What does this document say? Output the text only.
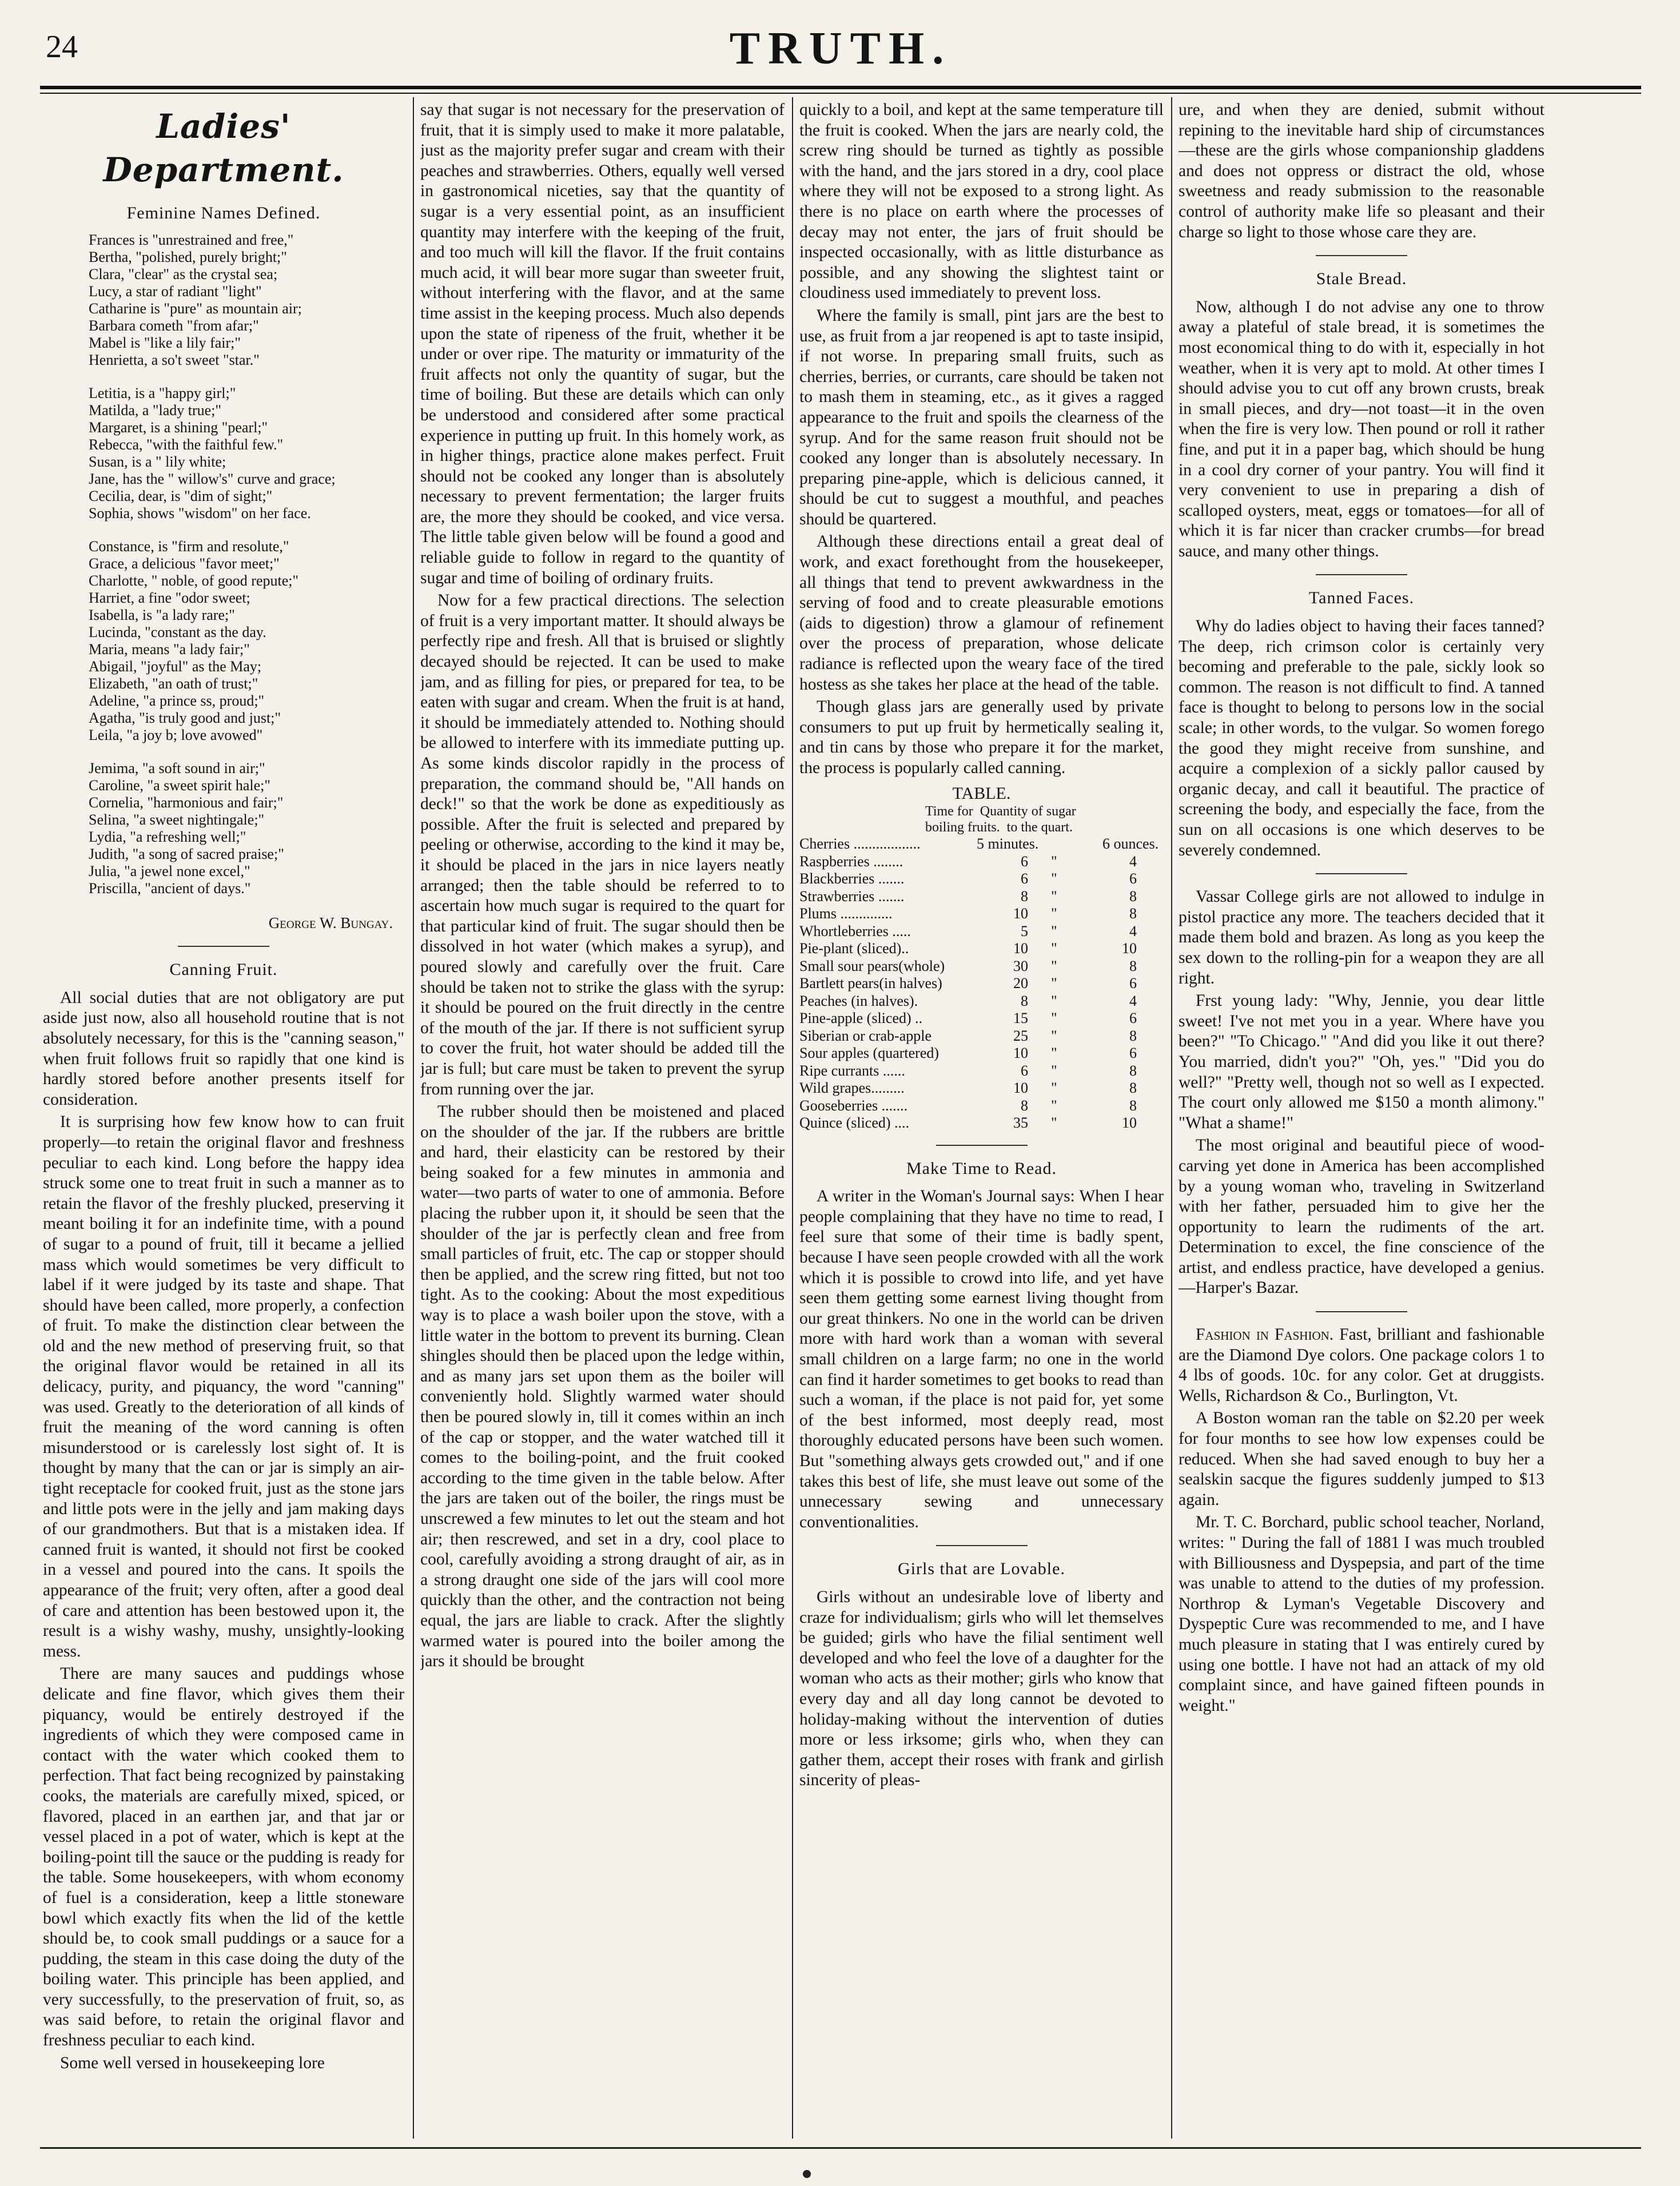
24	TRUTH.
Ladies' Department.
Feminine Names Defined.
Frances is "unrestrained and free,"
Bertha, "polished, purely bright;"
Clara, "clear" as the crystal sea;
Lucy, a star of radiant "light"
Catharine is "pure" as mountain air;
Barbara cometh "from afar;"
Mabel is "like a lily fair;"
Henrietta, a so't sweet "star."
Letitia, is a "happy girl;"
Matilda, a "lady true;"
Margaret, is a shining "pearl;"
Rebecca, "with the faithful few."
Susan, is a " lily white;
Jane, has the " willow's" curve and grace;
Cecilia, dear, is "dim of sight;"
Sophia, shows "wisdom" on her face.
Constance, is "firm and resolute,"
Grace, a delicious "favor meet;"
Charlotte, " noble, of good repute;"
Harriet, a fine "odor sweet;
Isabella, is "a lady rare;"
Lucinda, "constant as the day.
Maria, means "a lady fair;"
Abigail, "joyful" as the May;
Elizabeth, "an oath of trust;"
Adeline, "a prince ss, proud;"
Agatha, "is truly good and just;"
Leila, "a joy b; love avowed"
Jemima, "a soft sound in air;"
Caroline, "a sweet spirit hale;"
Cornelia, "harmonious and fair;"
Selina, "a sweet nightingale;"
Lydia, "a refreshing well;"
Judith, "a song of sacred praise;"
Julia, "a jewel none excel,"
Priscilla, "ancient of days."
George W. Bungay.
Canning Fruit.

All social duties that are not obligatory are put aside just now, also all household routine that is not absolutely necessary, for this is the "canning season," when fruit follows fruit so rapidly that one kind is hardly stored before another presents itself for consideration.

It is surprising how few know how to can fruit properly—to retain the original flavor and freshness peculiar to each kind. Long before the happy idea struck some one to treat fruit in such a manner as to retain the flavor of the freshly plucked, preserving it meant boiling it for an indefinite time, with a pound of sugar to a pound of fruit, till it became a jellied mass which would sometimes be very difficult to label if it were judged by its taste and shape. That should have been called, more properly, a confection of fruit. To make the distinction clear between the old and the new method of preserving fruit, so that the original flavor would be retained in all its delicacy, purity, and piquancy, the word "canning" was used. Greatly to the deterioration of all kinds of fruit the meaning of the word canning is often misunderstood or is carelessly lost sight of. It is thought by many that the can or jar is simply an air-tight receptacle for cooked fruit, just as the stone jars and little pots were in the jelly and jam making days of our grandmothers. But that is a mistaken idea. If canned fruit is wanted, it should not first be cooked in a vessel and poured into the cans. It spoils the appearance of the fruit; very often, after a good deal of care and attention has been bestowed upon it, the result is a wishy washy, mushy, unsightly-looking mess.

There are many sauces and puddings whose delicate and fine flavor, which gives them their piquancy, would be entirely destroyed if the ingredients of which they were composed came in contact with the water which cooked them to perfection. That fact being recognized by painstaking cooks, the materials are carefully mixed, spiced, or flavored, placed in an earthen jar, and that jar or vessel placed in a pot of water, which is kept at the boiling-point till the sauce or the pudding is ready for the table. Some housekeepers, with whom economy of fuel is a consideration, keep a little stoneware bowl which exactly fits when the lid of the kettle should be, to cook small puddings or a sauce for a pudding, the steam in this case doing the duty of the boiling water. This principle has been applied, and very successfully, to the preservation of fruit, so, as was said before, to retain the original flavor and freshness peculiar to each kind.

Some well versed in housekeeping lore

say that sugar is not necessary for the preservation of fruit, that it is simply used to make it more palatable, just as the majority prefer sugar and cream with their peaches and strawberries. Others, equally well versed in gastronomical niceties, say that the quantity of sugar is a very essential point, as an insufficient quantity may interfere with the keeping of the fruit, and too much will kill the flavor. If the fruit contains much acid, it will bear more sugar than sweeter fruit, without interfering with the flavor, and at the same time assist in the keeping process. Much also depends upon the state of ripeness of the fruit, whether it be under or over ripe. The maturity or immaturity of the fruit affects not only the quantity of sugar, but the time of boiling. But these are details which can only be understood and considered after some practical experience in putting up fruit. In this homely work, as in higher things, practice alone makes perfect. Fruit should not be cooked any longer than is absolutely necessary to prevent fermentation; the larger fruits are, the more they should be cooked, and vice versa. The little table given below will be found a good and reliable guide to follow in regard to the quantity of sugar and time of boiling of ordinary fruits.

Now for a few practical directions. The selection of fruit is a very important matter. It should always be perfectly ripe and fresh. All that is bruised or slightly decayed should be rejected. It can be used to make jam, and as filling for pies, or prepared for tea, to be eaten with sugar and cream. When the fruit is at hand, it should be immediately attended to. Nothing should be allowed to interfere with its immediate putting up. As some kinds discolor rapidly in the process of preparation, the command should be, "All hands on deck!" so that the work be done as expeditiously as possible. After the fruit is selected and prepared by peeling or otherwise, according to the kind it may be, it should be placed in the jars in nice layers neatly arranged; then the table should be referred to to ascertain how much sugar is required to the quart for that particular kind of fruit. The sugar should then be dissolved in hot water (which makes a syrup), and poured slowly and carefully over the fruit. Care should be taken not to strike the glass with the syrup: it should be poured on the fruit directly in the centre of the mouth of the jar. If there is not sufficient syrup to cover the fruit, hot water should be added till the jar is full; but care must be taken to prevent the syrup from running over the jar.

The rubber should then be moistened and placed on the shoulder of the jar. If the rubbers are brittle and hard, their elasticity can be restored by their being soaked for a few minutes in ammonia and water—two parts of water to one of ammonia. Before placing the rubber upon it, it should be seen that the shoulder of the jar is perfectly clean and free from small particles of fruit, etc. The cap or stopper should then be applied, and the screw ring fitted, but not too tight. As to the cooking: About the most expeditious way is to place a wash boiler upon the stove, with a little water in the bottom to prevent its burning. Clean shingles should then be placed upon the ledge within, and as many jars set upon them as the boiler will conveniently hold. Slightly warmed water should then be poured slowly in, till it comes within an inch of the cap or stopper, and the water watched till it comes to the boiling-point, and the fruit cooked according to the time given in the table below. After the jars are taken out of the boiler, the rings must be unscrewed a few minutes to let out the steam and hot air; then rescrewed, and set in a dry, cool place to cool, carefully avoiding a strong draught of air, as in a strong draught one side of the jars will cool more quickly than the other, and the contraction not being equal, the jars are liable to crack. After the slightly warmed water is poured into the boiler among the jars it should be brought

quickly to a boil, and kept at the same temperature till the fruit is cooked. When the jars are nearly cold, the screw ring should be turned as tightly as possible with the hand, and the jars stored in a dry, cool place where they will not be exposed to a strong light. As there is no place on earth where the processes of decay may not enter, the jars of fruit should be inspected occasionally, with as little disturbance as possible, and any showing the slightest taint or cloudiness used immediately to prevent loss.

Where the family is small, pint jars are the best to use, as fruit from a jar reopened is apt to taste insipid, if not worse. In preparing small fruits, such as cherries, berries, or currants, care should be taken not to mash them in steaming, etc., as it gives a ragged appearance to the fruit and spoils the clearness of the syrup. And for the same reason fruit should not be cooked any longer than is absolutely necessary. In preparing pine-apple, which is delicious canned, it should be cut to suggest a mouthful, and peaches should be quartered.

Although these directions entail a great deal of work, and exact forethought from the housekeeper, all things that tend to prevent awkwardness in the serving of food and to create pleasurable emotions (aids to digestion) throw a glamour of refinement over the process of preparation, whose delicate radiance is reflected upon the weary face of the tired hostess as she takes her place at the head of the table.

Though glass jars are generally used by private consumers to put up fruit by hermetically sealing it, and tin cans by those who prepare it for the market, the process is popularly called canning.

TABLE.
Time for  Quantity of sugar
boiling fruits.  to the quart.
Cherries ..................	5 minutes.	6 ounces.
Raspberries ........	6	"	4
Blackberries .......	6	"	6
Strawberries .......	8	"	8
Plums ..............	10	"	8
Whortleberries .....	5	"	4
Pie-plant (sliced)..	10	"	10
Small sour pears(whole)	30	"	8
Bartlett pears(in halves)	20	"	6
Peaches (in halves).	8	"	4
Pine-apple (sliced) ..	15	"	6
Siberian or crab-apple	25	"	8
Sour apples (quartered)	10	"	6
Ripe currants ......	6	"	8
Wild grapes.........	10	"	8
Gooseberries .......	8	"	8
Quince (sliced) ....	35	"	10
Make Time to Read.

A writer in the Woman's Journal says: When I hear people complaining that they have no time to read, I feel sure that some of their time is badly spent, because I have seen people crowded with all the work which it is possible to crowd into life, and yet have seen them getting some earnest living thought from our great thinkers. No one in the world can be driven more with hard work than a woman with several small children on a large farm; no one in the world can find it harder sometimes to get books to read than such a woman, if the place is not paid for, yet some of the best informed, most deeply read, most thoroughly educated persons have been such women. But "something always gets crowded out," and if one takes this best of life, she must leave out some of the unnecessary sewing and unnecessary conventionalities.

Girls that are Lovable.

Girls without an undesirable love of liberty and craze for individualism; girls who will let themselves be guided; girls who have the filial sentiment well developed and who feel the love of a daughter for the woman who acts as their mother; girls who know that every day and all day long cannot be devoted to holiday-making without the intervention of duties more or less irksome; girls who, when they can gather them, accept their roses with frank and girlish sincerity of pleas-

ure, and when they are denied, submit without repining to the inevitable hard ship of circumstances—these are the girls whose companionship gladdens and does not oppress or distract the old, whose sweetness and ready submission to the reasonable control of authority make life so pleasant and their charge so light to those whose care they are.

Stale Bread.

Now, although I do not advise any one to throw away a plateful of stale bread, it is sometimes the most economical thing to do with it, especially in hot weather, when it is very apt to mold. At other times I should advise you to cut off any brown crusts, break in small pieces, and dry—not toast—it in the oven when the fire is very low. Then pound or roll it rather fine, and put it in a paper bag, which should be hung in a cool dry corner of your pantry. You will find it very convenient to use in preparing a dish of scalloped oysters, meat, eggs or tomatoes—for all of which it is far nicer than cracker crumbs—for bread sauce, and many other things.

Tanned Faces.

Why do ladies object to having their faces tanned? The deep, rich crimson color is certainly very becoming and preferable to the pale, sickly look so common. The reason is not difficult to find. A tanned face is thought to belong to persons low in the social scale; in other words, to the vulgar. So women forego the good they might receive from sunshine, and acquire a complexion of a sickly pallor caused by organic decay, and call it beautiful. The practice of screening the body, and especially the face, from the sun on all occasions is one which deserves to be severely condemned.

Vassar College girls are not allowed to indulge in pistol practice any more. The teachers decided that it made them bold and brazen. As long as you keep the sex down to the rolling-pin for a weapon they are all right.

Frst young lady: "Why, Jennie, you dear little sweet! I've not met you in a year. Where have you been?" "To Chicago." "And did you like it out there? You married, didn't you?" "Oh, yes." "Did you do well?" "Pretty well, though not so well as I expected. The court only allowed me $150 a month alimony." "What a shame!"

The most original and beautiful piece of wood-carving yet done in America has been accomplished by a young woman who, traveling in Switzerland with her father, persuaded him to give her the opportunity to learn the rudiments of the art. Determination to excel, the fine conscience of the artist, and endless practice, have developed a genius.—Harper's Bazar.

Fashion in Fashion. Fast, brilliant and fashionable are the Diamond Dye colors. One package colors 1 to 4 lbs of goods. 10c. for any color. Get at druggists. Wells, Richardson & Co., Burlington, Vt.

A Boston woman ran the table on $2.20 per week for four months to see how low expenses could be reduced. When she had saved enough to buy her a sealskin sacque the figures suddenly jumped to $13 again.

Mr. T. C. Borchard, public school teacher, Norland, writes: " During the fall of 1881 I was much troubled with Billiousness and Dyspepsia, and part of the time was unable to attend to the duties of my profession. Northrop & Lyman's Vegetable Discovery and Dyspeptic Cure was recommended to me, and I have much pleasure in stating that I was entirely cured by using one bottle. I have not had an attack of my old complaint since, and have gained fifteen pounds in weight."
